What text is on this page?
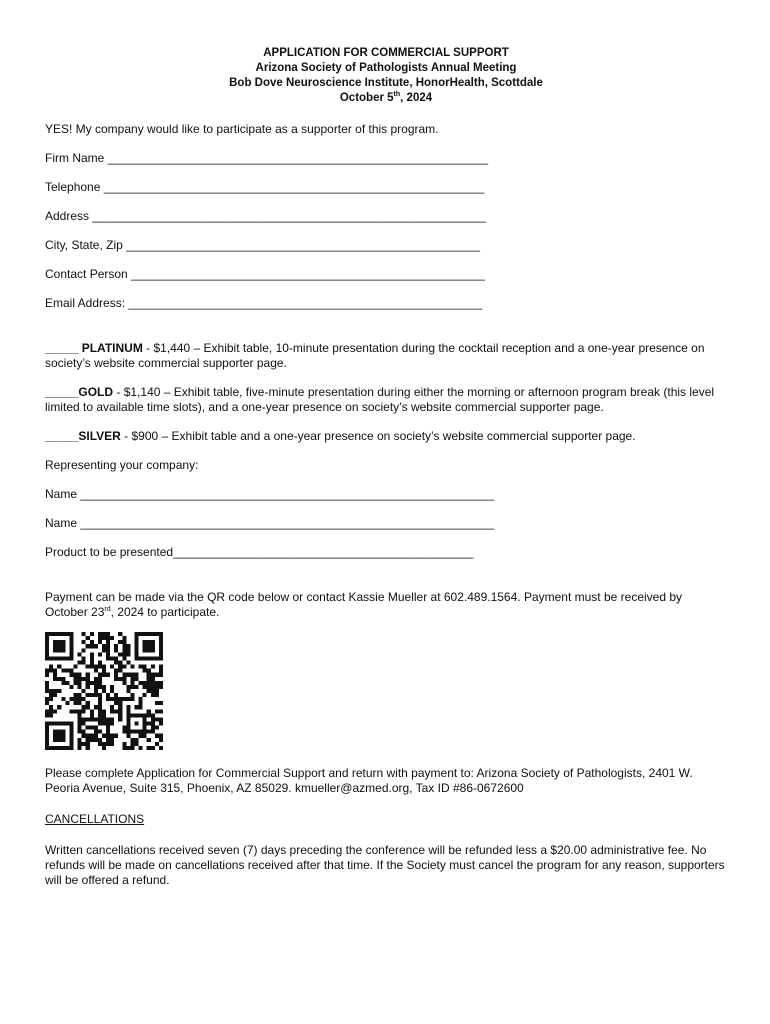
APPLICATION FOR COMMERCIAL SUPPORT
Arizona Society of Pathologists Annual Meeting
Bob Dove Neuroscience Institute, HonorHealth, Scottdale
October 5th, 2024

YES! My company would like to participate as a supporter of this program.

Firm Name _________________________________________________________
Telephone _________________________________________________________
Address ___________________________________________________________
City, State, Zip _____________________________________________________
Contact Person _____________________________________________________
Email Address: _____________________________________________________

_____ PLATINUM - $1,440 – Exhibit table, 10-minute presentation during the cocktail reception and a one-year presence on society’s website commercial supporter page.

_____GOLD - $1,140 – Exhibit table, five-minute presentation during either the morning or afternoon program break (this level limited to available time slots), and a one-year presence on society’s website commercial supporter page.

_____SILVER - $900 – Exhibit table and a one-year presence on society’s website commercial supporter page.

Representing your company:

Name ______________________________________________________________
Name ______________________________________________________________
Product to be presented_____________________________________________

Payment can be made via the QR code below or contact Kassie Mueller at 602.489.1564. Payment must be received by October 23rd, 2024 to participate.

Please complete Application for Commercial Support and return with payment to: Arizona Society of Pathologists, 2401 W. Peoria Avenue, Suite 315, Phoenix, AZ 85029. kmueller@azmed.org, Tax ID #86-0672600

CANCELLATIONS

Written cancellations received seven (7) days preceding the conference will be refunded less a $20.00 administrative fee. No refunds will be made on cancellations received after that time. If the Society must cancel the program for any reason, supporters will be offered a refund.
